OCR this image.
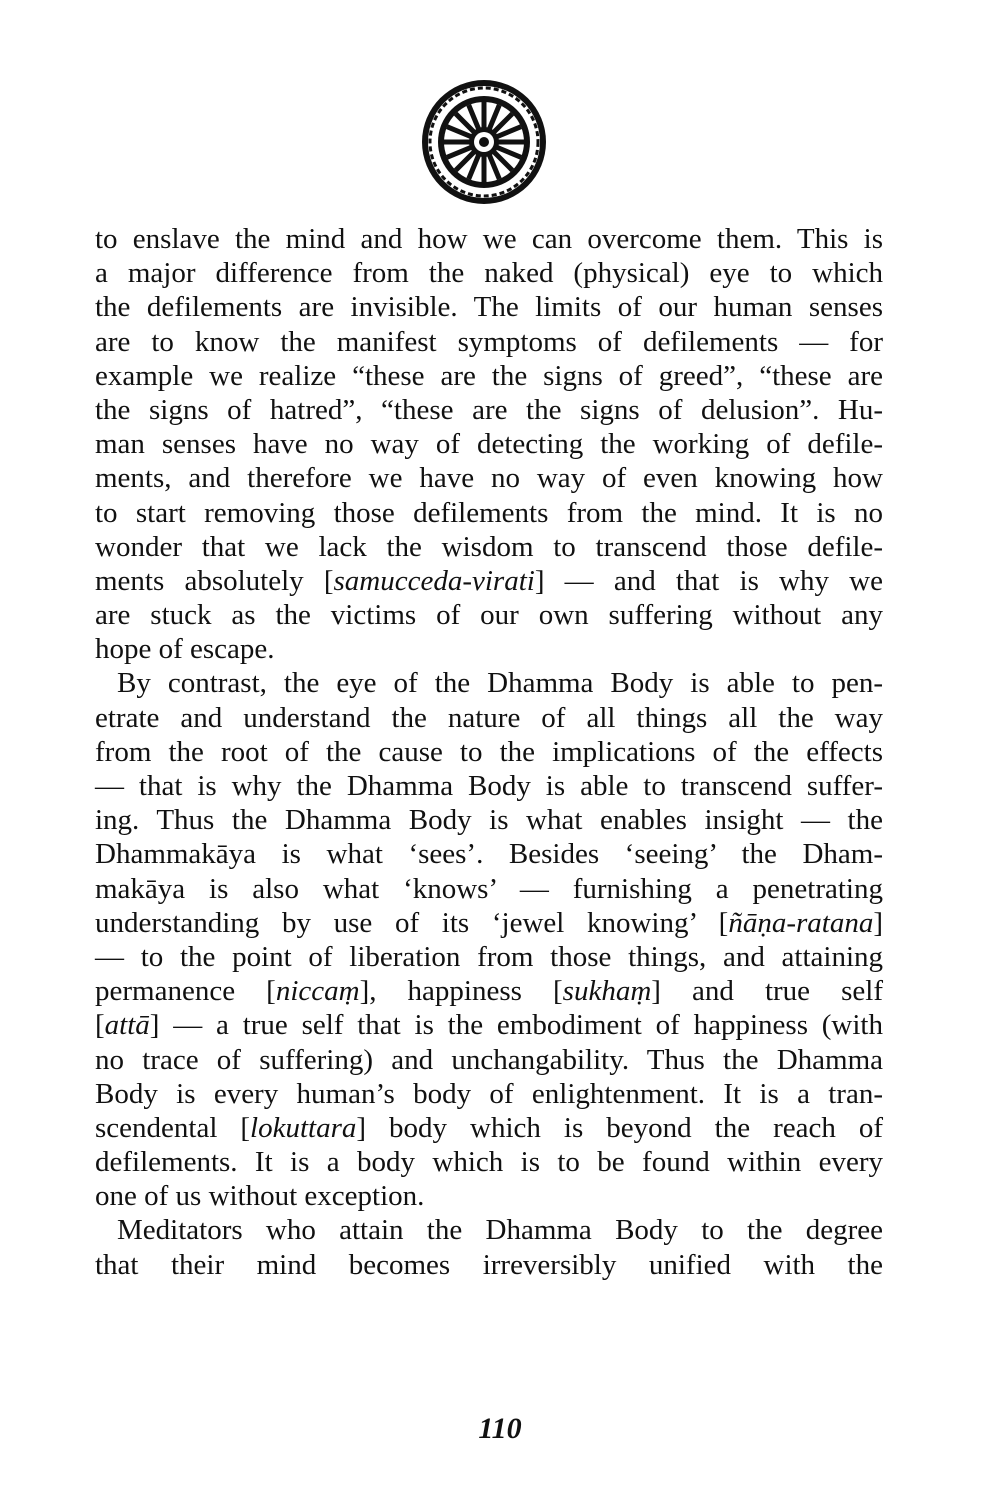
to enslave the mind and how we can overcome them. This is
a major difference from the naked (physical) eye to which
the defilements are invisible. The limits of our human senses
are to know the manifest symptoms of defilements — for
example we realize “these are the signs of greed”, “these are
the signs of hatred”, “these are the signs of delusion”. Hu-
man senses have no way of detecting the working of defile-
ments, and therefore we have no way of even knowing how
to start removing those defilements from the mind. It is no
wonder that we lack the wisdom to transcend those defile-
ments absolutely [samucceda-virati] — and that is why we
are stuck as the victims of our own suffering without any
hope of escape.
By contrast, the eye of the Dhamma Body is able to pen-
etrate and understand the nature of all things all the way
from the root of the cause to the implications of the effects
— that is why the Dhamma Body is able to transcend suffer-
ing. Thus the Dhamma Body is what enables insight — the
Dhammakāya is what ‘sees’. Besides ‘seeing’ the Dham-
makāya is also what ‘knows’ — furnishing a penetrating
understanding by use of its ‘jewel knowing’ [ñāṇa-ratana]
— to the point of liberation from those things, and attaining
permanence [niccaṃ], happiness [sukhaṃ] and true self
[attā] — a true self that is the embodiment of happiness (with
no trace of suffering) and unchangability. Thus the Dhamma
Body is every human’s body of enlightenment. It is a tran-
scendental [lokuttara] body which is beyond the reach of
defilements. It is a body which is to be found within every
one of us without exception.
Meditators who attain the Dhamma Body to the degree
that their mind becomes irreversibly unified with the
110
